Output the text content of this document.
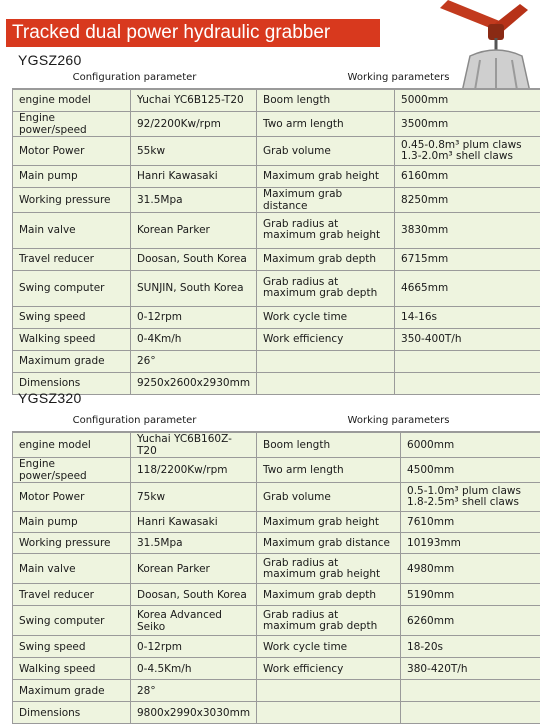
Tracked dual power hydraulic grabber
YGSZ260
Configuration parameter		Working parameters	
engine model	Yuchai YC6B125-T20	Boom length	5000mm
Engine power/speed	92/2200Kw/rpm	Two arm length	3500mm
Motor Power	55kw	Grab volume	0.45-0.8m³ plum claws 1.3-2.0m³ shell claws
Main pump	Hanri Kawasaki	Maximum grab height	6160mm
Working pressure	31.5Mpa	Maximum grab distance	8250mm
Main valve	Korean Parker	Grab radius at maximum grab height	3830mm
Travel reducer	Doosan, South Korea	Maximum grab depth	6715mm
Swing computer	SUNJIN, South Korea	Grab radius at maximum grab depth	4665mm
Swing speed	0-12rpm	Work cycle time	14-16s
Walking speed	0-4Km/h	Work efficiency	350-400T/h
Maximum grade	26°		
Dimensions	9250x2600x2930mm		
YGSZ320
Configuration parameter		Working parameters	
engine model	Yuchai YC6B160Z-T20	Boom length	6000mm
Engine power/speed	118/2200Kw/rpm	Two arm length	4500mm
Motor Power	75kw	Grab volume	0.5-1.0m³ plum claws 1.8-2.5m³ shell claws
Main pump	Hanri Kawasaki	Maximum grab height	7610mm
Working pressure	31.5Mpa	Maximum grab distance	10193mm
Main valve	Korean Parker	Grab radius at maximum grab height	4980mm
Travel reducer	Doosan, South Korea	Maximum grab depth	5190mm
Swing computer	Korea Advanced Seiko	Grab radius at maximum grab depth	6260mm
Swing speed	0-12rpm	Work cycle time	18-20s
Walking speed	0-4.5Km/h	Work efficiency	380-420T/h
Maximum grade	28°		
Dimensions	9800x2990x3030mm		
